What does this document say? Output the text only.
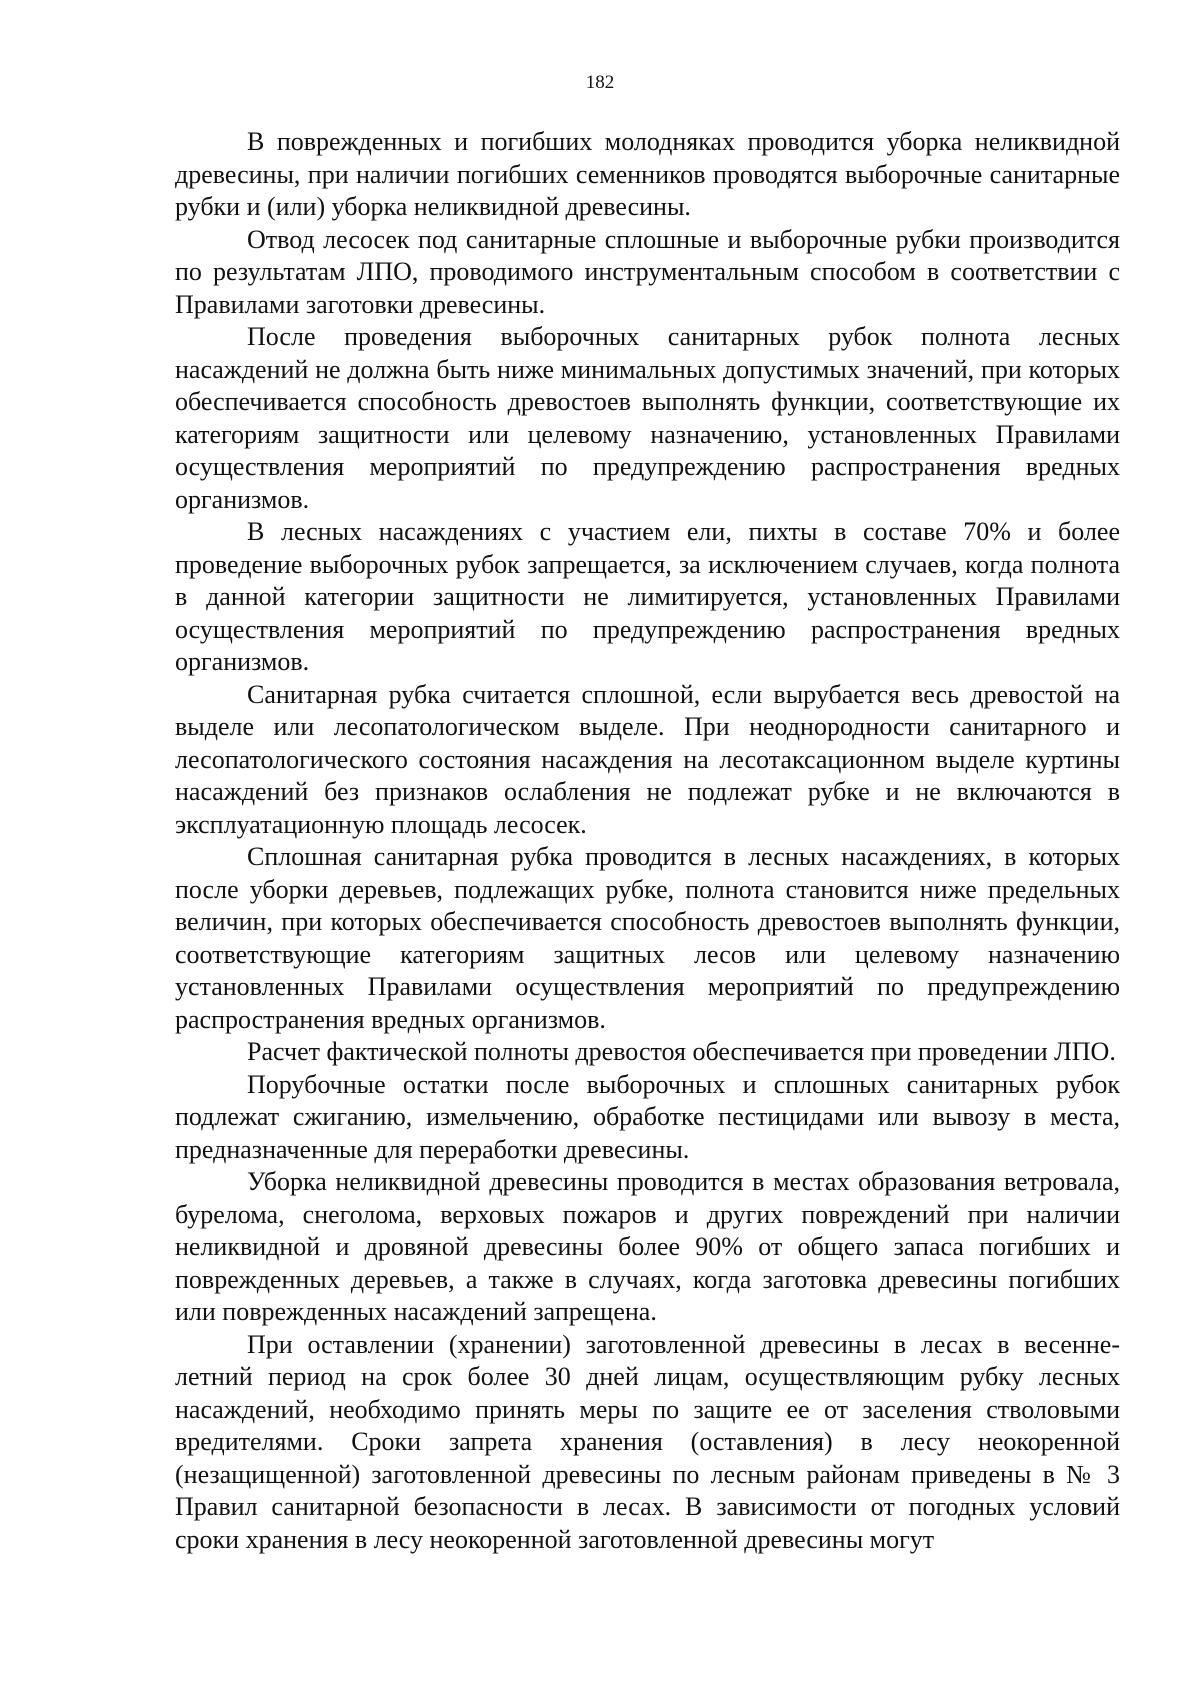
182

В поврежденных и погибших молодняках проводится уборка неликвидной древесины, при наличии погибших семенников проводятся выборочные санитарные рубки и (или) уборка неликвидной древесины.

Отвод лесосек под санитарные сплошные и выборочные рубки производится по результатам ЛПО, проводимого инструментальным способом в соответствии с Правилами заготовки древесины.

После проведения выборочных санитарных рубок полнота лесных насаждений не должна быть ниже минимальных допустимых значений, при которых обеспечивается способность древостоев выполнять функции, соответствующие их категориям защитности или целевому назначению, установленных Правилами осуществления мероприятий по предупреждению распространения вредных организмов.

В лесных насаждениях с участием ели, пихты в составе 70% и более проведение выборочных рубок запрещается, за исключением случаев, когда полнота в данной категории защитности не лимитируется, установленных Правилами осуществления мероприятий по предупреждению распространения вредных организмов.

Санитарная рубка считается сплошной, если вырубается весь древостой на выделе или лесопатологическом выделе. При неоднородности санитарного и лесопатологического состояния насаждения на лесотаксационном выделе куртины насаждений без признаков ослабления не подлежат рубке и не включаются в эксплуатационную площадь лесосек.

Сплошная санитарная рубка проводится в лесных насаждениях, в которых после уборки деревьев, подлежащих рубке, полнота становится ниже предельных величин, при которых обеспечивается способность древостоев выполнять функции, соответствующие категориям защитных лесов или целевому назначению установленных Правилами осуществления мероприятий по предупреждению распространения вредных организмов.

Расчет фактической полноты древостоя обеспечивается при проведении ЛПО.

Порубочные остатки после выборочных и сплошных санитарных рубок подлежат сжиганию, измельчению, обработке пестицидами или вывозу в места, предназначенные для переработки древесины.

Уборка неликвидной древесины проводится в местах образования ветровала, бурелома, снеголома, верховых пожаров и других повреждений при наличии неликвидной и дровяной древесины более 90% от общего запаса погибших и поврежденных деревьев, а также в случаях, когда заготовка древесины погибших или поврежденных насаждений запрещена.

При оставлении (хранении) заготовленной древесины в лесах в весенне-летний период на срок более 30 дней лицам, осуществляющим рубку лесных насаждений, необходимо принять меры по защите ее от заселения стволовыми вредителями. Сроки запрета хранения (оставления) в лесу неокоренной (незащищенной) заготовленной древесины по лесным районам приведены в № 3 Правил санитарной безопасности в лесах. В зависимости от погодных условий сроки хранения в лесу неокоренной заготовленной древесины могут
